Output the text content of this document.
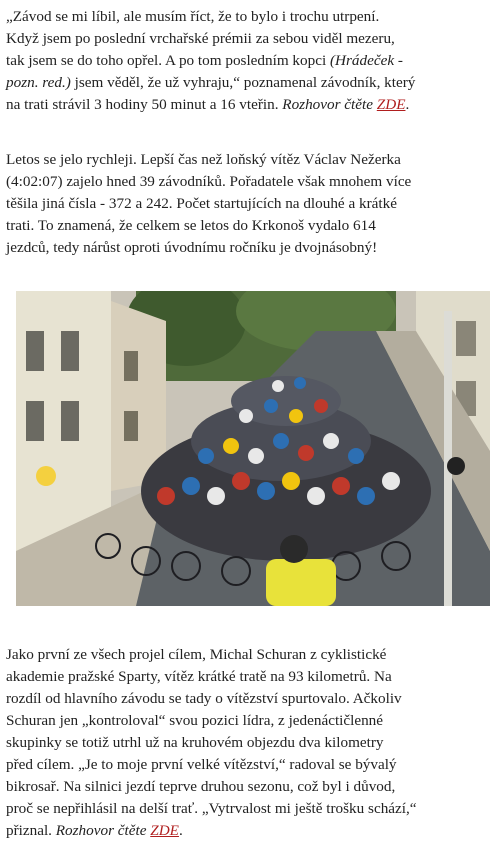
„Závod se mi líbil, ale musím říct, že to bylo i trochu utrpení.
Když jsem po poslední vrchařské prémii za sebou viděl mezeru,
tak jsem se do toho opřel. A po tom posledním kopci (Hrádeček -
pozn. red.) jsem věděl, že už vyhraju,“ poznamenal závodník, který
na trati strávil 3 hodiny 50 minut a 16 vteřin. Rozhovor čtěte ZDE.

Letos se jelo rychleji. Lepší čas než loňský vítěz Václav Nežerka
(4:02:07) zajelo hned 39 závodníků. Pořadatele však mnohem více
těšila jiná čísla - 372 a 242. Počet startujících na dlouhé a krátké
trati. To znamená, že celkem se letos do Krkonoš vydalo 614
jezdců, tedy nárůst oproti úvodnímu ročníku je dvojnásobný!

Jako první ze všech projel cílem, Michal Schuran z cyklistické
akademie pražské Sparty, vítěz krátké tratě na 93 kilometrů. Na
rozdíl od hlavního závodu se tady o vítězství spurtovalo. Ačkoliv
Schuran jen „kontroloval“ svou pozici lídra, z jedenáctičlenné
skupinky se totiž utrhl už na kruhovém objezdu dva kilometry
před cílem. „Je to moje první velké vítězství,“ radoval se bývalý
bikrosař. Na silnici jezdí teprve druhou sezonu, což byl i důvod,
proč se nepřihlásil na delší trať. „Vytrvalost mi ještě trošku schází,“
přiznal. Rozhovor čtěte ZDE.
